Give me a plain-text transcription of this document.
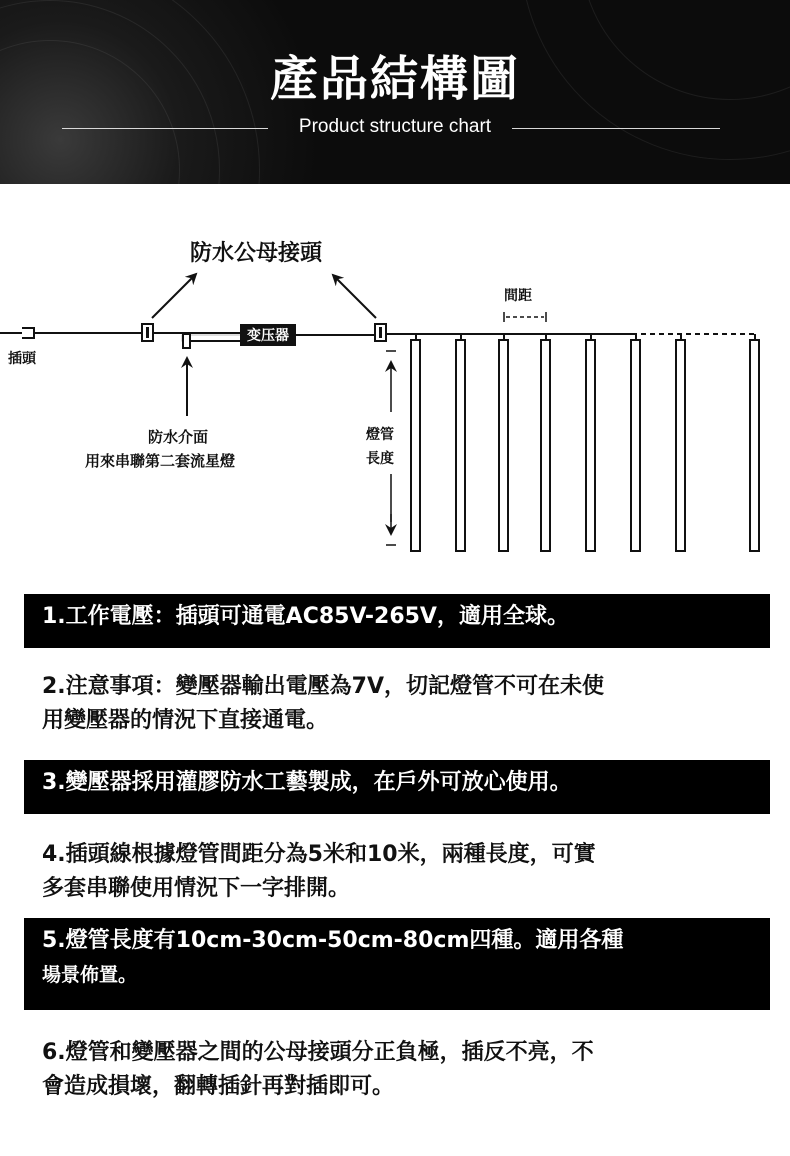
產品結構圖
Product structure chart
防水公母接頭
插頭
变压器
防水介面
用來串聯第二套流星燈
間距
燈管
長度
1.工作電壓：插頭可通電AC85V-265V，適用全球。
2.注意事項：變壓器輸出電壓為7V，切記燈管不可在未使
用變壓器的情況下直接通電。
3.變壓器採用灌膠防水工藝製成，在戶外可放心使用。
4.插頭線根據燈管間距分為5米和10米，兩種長度，可實
多套串聯使用情況下一字排開。
5.燈管長度有10cm-30cm-50cm-80cm四種。適用各種
場景佈置。
6.燈管和變壓器之間的公母接頭分正負極，插反不亮，不
會造成損壞，翻轉插針再對插即可。
